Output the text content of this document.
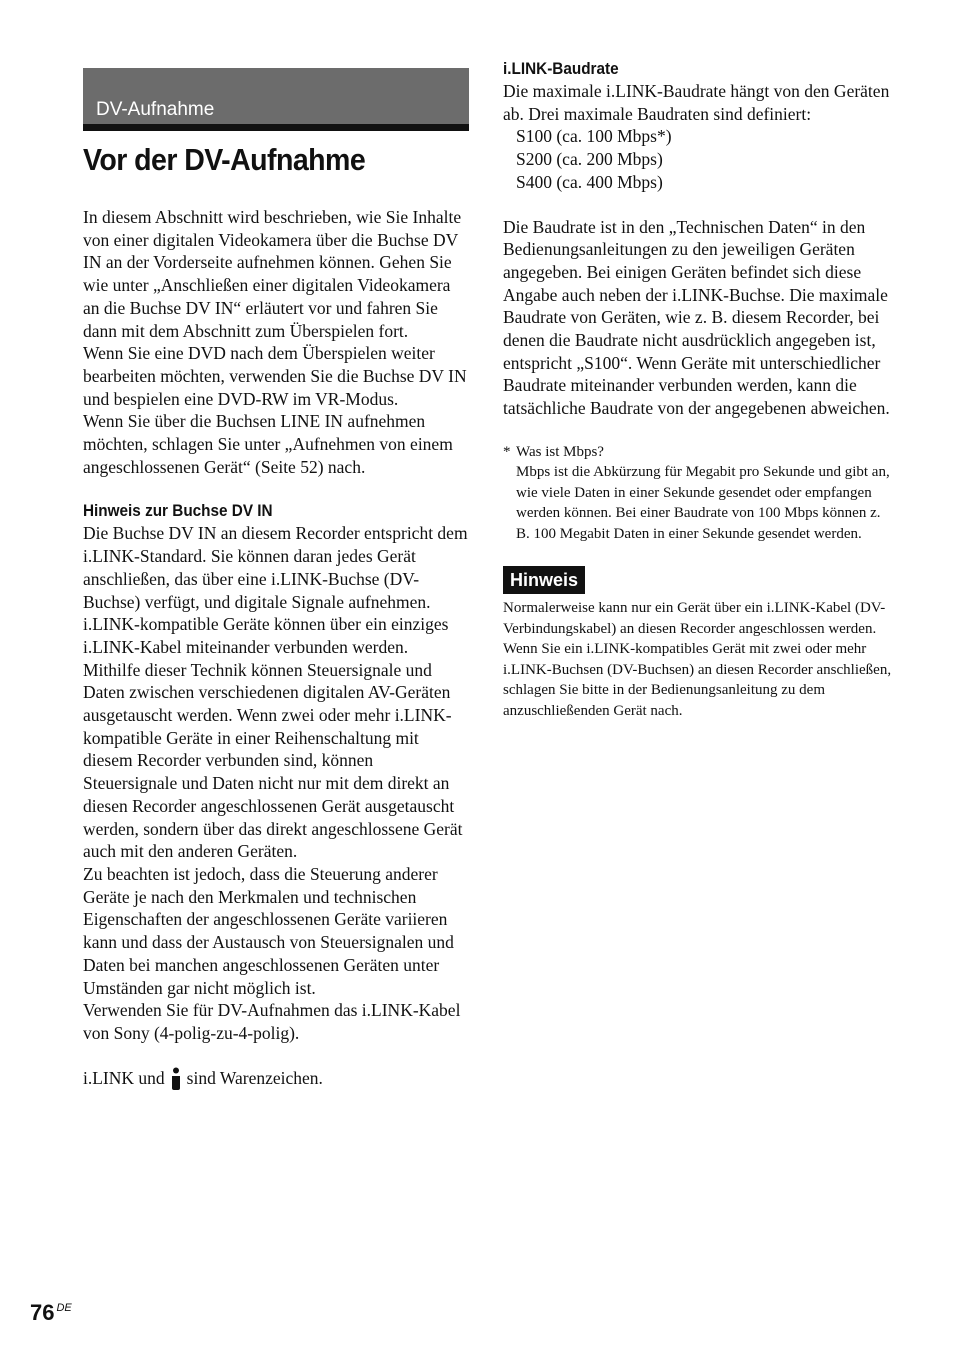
DV-Aufnahme
Vor der DV-Aufnahme

In diesem Abschnitt wird beschrieben, wie Sie Inhalte von einer digitalen Videokamera über die Buchse DV IN an der Vorderseite aufnehmen können. Gehen Sie wie unter „Anschließen einer digitalen Videokamera an die Buchse DV IN“ erläutert vor und fahren Sie dann mit dem Abschnitt zum Überspielen fort.

Wenn Sie eine DVD nach dem Überspielen weiter bearbeiten möchten, verwenden Sie die Buchse DV IN und bespielen eine DVD-RW im VR-Modus.

Wenn Sie über die Buchsen LINE IN aufnehmen möchten, schlagen Sie unter „Aufnehmen von einem angeschlossenen Gerät“ (Seite 52) nach.

Hinweis zur Buchse DV IN

Die Buchse DV IN an diesem Recorder entspricht dem i.LINK-Standard. Sie können daran jedes Gerät anschließen, das über eine i.LINK-Buchse (DV-Buchse) verfügt, und digitale Signale aufnehmen.

i.LINK-kompatible Geräte können über ein einziges i.LINK-Kabel miteinander verbunden werden. Mithilfe dieser Technik können Steuersignale und Daten zwischen verschiedenen digitalen AV-Geräten ausgetauscht werden. Wenn zwei oder mehr i.LINK-kompatible Geräte in einer Reihenschaltung mit diesem Recorder verbunden sind, können Steuersignale und Daten nicht nur mit dem direkt an diesen Recorder angeschlossenen Gerät ausgetauscht werden, sondern über das direkt angeschlossene Gerät auch mit den anderen Geräten.

Zu beachten ist jedoch, dass die Steuerung anderer Geräte je nach den Merkmalen und technischen Eigenschaften der angeschlossenen Geräte variieren kann und dass der Austausch von Steuersignalen und Daten bei manchen angeschlossenen Geräten unter Umständen gar nicht möglich ist.

Verwenden Sie für DV-Aufnahmen das i.LINK-Kabel von Sony (4-polig-zu-4-polig).

i.LINK und sind Warenzeichen.
i.LINK-Baudrate

Die maximale i.LINK-Baudrate hängt von den Geräten ab. Drei maximale Baudraten sind definiert:

S100 (ca. 100 Mbps*)
S200 (ca. 200 Mbps)
S400 (ca. 400 Mbps)

Die Baudrate ist in den „Technischen Daten“ in den Bedienungsanleitungen zu den jeweiligen Geräten angegeben. Bei einigen Geräten befindet sich diese Angabe auch neben der i.LINK-Buchse. Die maximale Baudrate von Geräten, wie z. B. diesem Recorder, bei denen die Baudrate nicht ausdrücklich angegeben ist, entspricht „S100“. Wenn Geräte mit unterschiedlicher Baudrate miteinander verbunden werden, kann die tatsächliche Baudrate von der angegebenen abweichen.

* Was ist Mbps?
Mbps ist die Abkürzung für Megabit pro Sekunde und gibt an, wie viele Daten in einer Sekunde gesendet oder empfangen werden können. Bei einer Baudrate von 100 Mbps können z. B. 100 Megabit Daten in einer Sekunde gesendet werden.
Hinweis
Normalerweise kann nur ein Gerät über ein i.LINK-Kabel (DV-Verbindungskabel) an diesen Recorder angeschlossen werden. Wenn Sie ein i.LINK-kompatibles Gerät mit zwei oder mehr i.LINK-Buchsen (DV-Buchsen) an diesen Recorder anschließen, schlagen Sie bitte in der Bedienungsanleitung zu dem anzuschließenden Gerät nach.
76 $^{DE}$
